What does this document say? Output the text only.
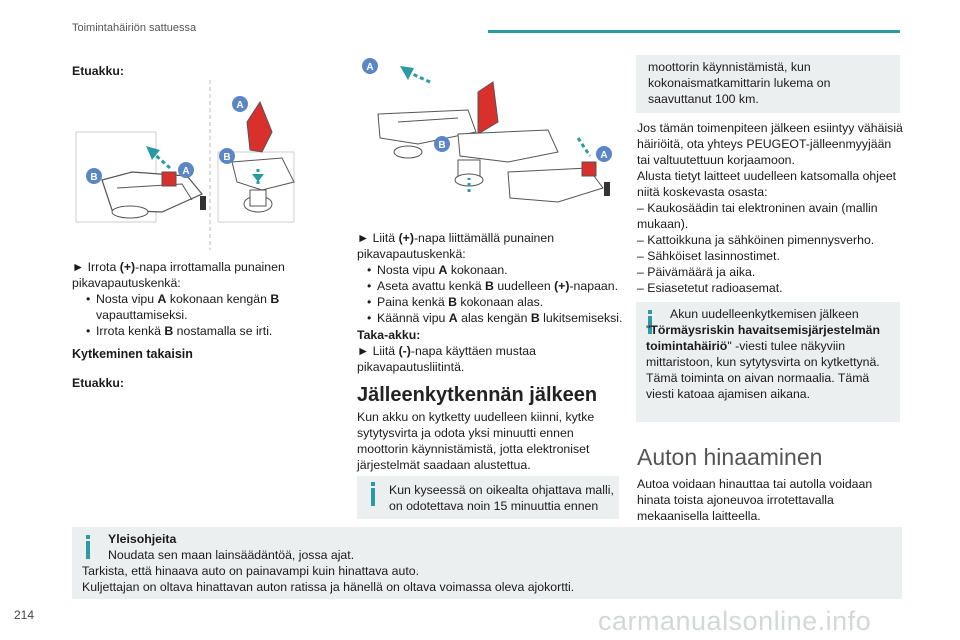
Toimintahäiriön sattuessa
Etuakku:
A
B
A
B
► Irrota (+)-napa irrottamalla punainen pikavapautuskenkä:
• Nosta vipu A kokonaan kengän B vapauttamiseksi.
• Irrota kenkä B nostamalla se irti.
Kytkeminen takaisin
Etuakku:
A
B
A
► Liitä (+)-napa liittämällä punainen pikavapautuskenkä:
• Nosta vipu A kokonaan.
• Aseta avattu kenkä B uudelleen (+)-napaan.
• Paina kenkä B kokonaan alas.
• Käännä vipu A alas kengän B lukitsemiseksi.
Taka-akku:
► Liitä (-)-napa käyttäen mustaa pikavapautusliitintä.
Jälleenkytkennän jälkeen
Kun akku on kytketty uudelleen kiinni, kytke sytytysvirta ja odota yksi minuutti ennen moottorin käynnistämistä, jotta elektroniset järjestelmät saadaan alustettua.
Kun kyseessä on oikealta ohjattava malli, on odotettava noin 15 minuuttia ennen
moottorin käynnistämistä, kun kokonaismatkamittarin lukema on saavuttanut 100 km.
Jos tämän toimenpiteen jälkeen esiintyy vähäisiä häiriöitä, ota yhteys PEUGEOT-jälleenmyyjään tai valtuutettuun korjaamoon.
Alusta tietyt laitteet uudelleen katsomalla ohjeet niitä koskevasta osasta:
– Kaukosäädin tai elektroninen avain (mallin mukaan).
– Kattoikkuna ja sähköinen pimennysverho.
– Sähköiset lasinnostimet.
– Päivämäärä ja aika.
– Esiasetetut radioasemat.
Akun uudelleenkytkemisen jälkeen "Törmäysriskin havaitsemisjärjestelmän toimintahäiriö" -viesti tulee näkyviin mittaristoon, kun sytytysvirta on kytkettynä. Tämä toiminta on aivan normaalia. Tämä viesti katoaa ajamisen aikana.
Auton hinaaminen
Autoa voidaan hinauttaa tai autolla voidaan hinata toista ajoneuvoa irrotettavalla mekaanisella laitteella.
Yleisohjeita
Noudata sen maan lainsäädäntöä, jossa ajat.
Tarkista, että hinaava auto on painavampi kuin hinattava auto.
Kuljettajan on oltava hinattavan auton ratissa ja hänellä on oltava voimassa oleva ajokortti.
214	carmanualsonline.info
